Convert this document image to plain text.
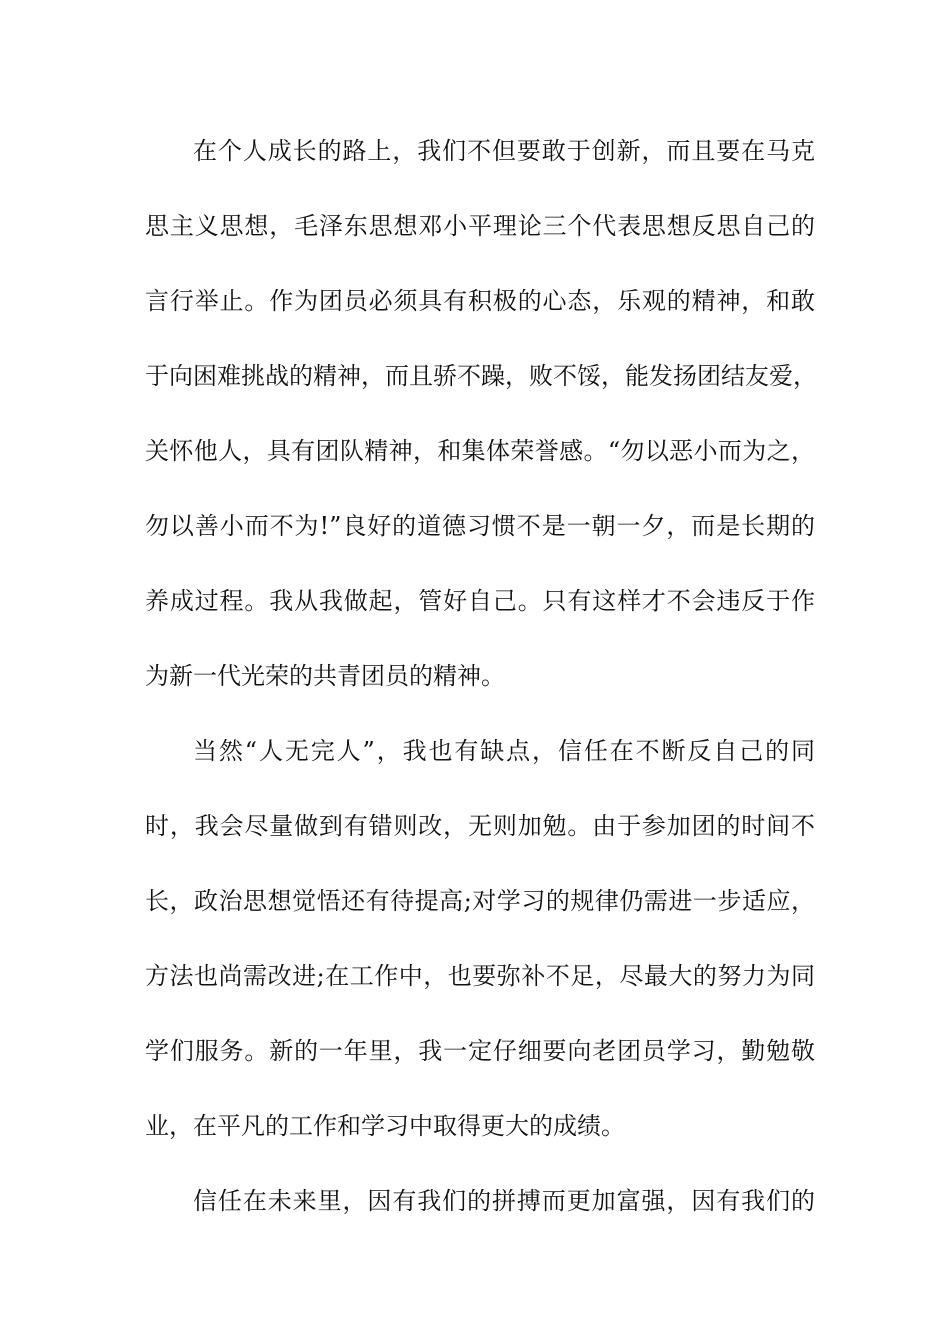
在个人成长的路上，我们不但要敢于创新，而且要在马克
思主义思想，毛泽东思想邓小平理论三个代表思想反思自己的
言行举止。作为团员必须具有积极的心态，乐观的精神，和敢
于向困难挑战的精神，而且骄不躁，败不馁，能发扬团结友爱，
关怀他人，具有团队精神，和集体荣誉感。“勿以恶小而为之，
勿以善小而不为!”良好的道德习惯不是一朝一夕，而是长期的
养成过程。我从我做起，管好自己。只有这样才不会违反于作
为新一代光荣的共青团员的精神。
当然“人无完人”，我也有缺点，信任在不断反自己的同
时，我会尽量做到有错则改，无则加勉。由于参加团的时间不
长，政治思想觉悟还有待提高;对学习的规律仍需进一步适应，
方法也尚需改进;在工作中，也要弥补不足，尽最大的努力为同
学们服务。新的一年里，我一定仔细要向老团员学习，勤勉敬
业，在平凡的工作和学习中取得更大的成绩。
信任在未来里，因有我们的拼搏而更加富强，因有我们的
